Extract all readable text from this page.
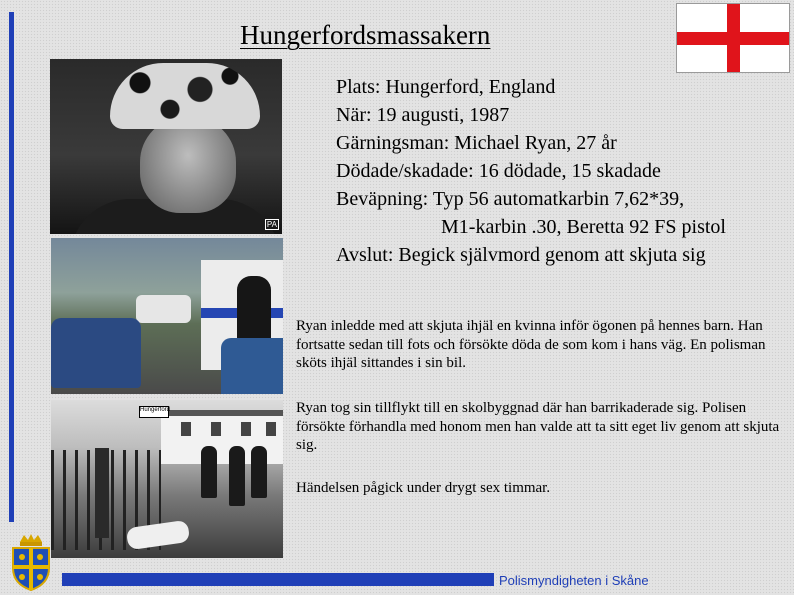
Hungerfordsmassakern
PA
Hungerford
Plats: Hungerford, England
När: 19 augusti, 1987
Gärningsman: Michael Ryan, 27 år
Dödade/skadade: 16 dödade, 15 skadade
Beväpning: Typ 56 automatkarbin 7,62*39,
M1-karbin .30, Beretta 92 FS pistol
Avslut: Begick självmord genom att skjuta sig
Ryan inledde med att skjuta ihjäl en kvinna inför ögonen på hennes barn. Han fortsatte sedan till fots och försökte döda de som kom i hans väg. En polisman sköts ihjäl sittandes i sin bil.
Ryan tog sin tillflykt till en skolbyggnad där han barrikaderade sig. Polisen försökte förhandla med honom men han valde att ta sitt eget liv genom att skjuta sig.
Händelsen pågick under drygt sex timmar.
Polismyndigheten i Skåne
